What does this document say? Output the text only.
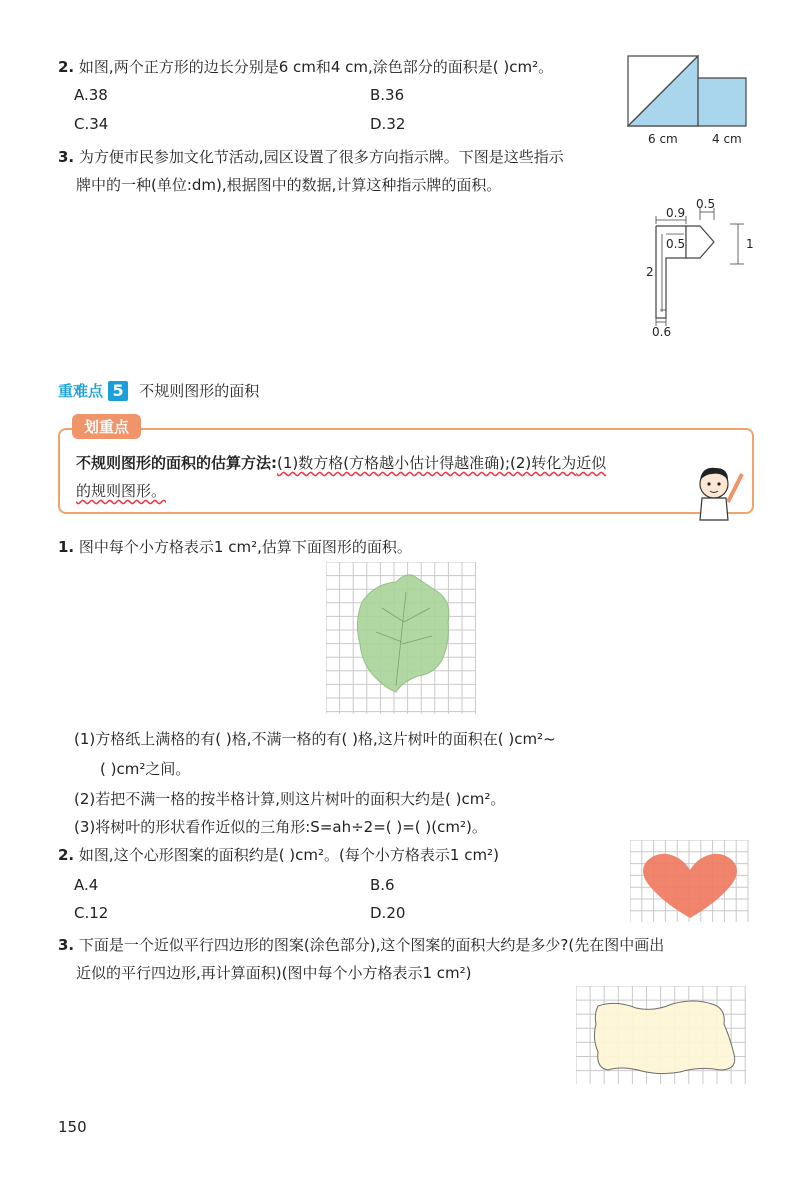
2. 如图,两个正方形的边长分别是6 cm和4 cm,涂色部分的面积是( )cm²。
A.38	B.36
C.34	D.32
6 cm	4 cm
3. 为方便市民参加文化节活动,园区设置了很多方向指示牌。下图是这些指示
牌中的一种(单位:dm),根据图中的数据,计算这种指示牌的面积。
0.5
0.9
0.5	1
2
0.6
重难点 5 不规则图形的面积
划重点
不规则图形的面积的估算方法:(1)数方格(方格越小估计得越准确);(2)转化为近似
的规则图形。
1. 图中每个小方格表示1 cm²,估算下面图形的面积。
(1)方格纸上满格的有( )格,不满一格的有( )格,这片树叶的面积在( )cm²~
( )cm²之间。
(2)若把不满一格的按半格计算,则这片树叶的面积大约是( )cm²。
(3)将树叶的形状看作近似的三角形:S=ah÷2=( )=( )(cm²)。
2. 如图,这个心形图案的面积约是( )cm²。(每个小方格表示1 cm²)
A.4	B.6
C.12	D.20
3. 下面是一个近似平行四边形的图案(涂色部分),这个图案的面积大约是多少?(先在图中画出
近似的平行四边形,再计算面积)(图中每个小方格表示1 cm²)
150
